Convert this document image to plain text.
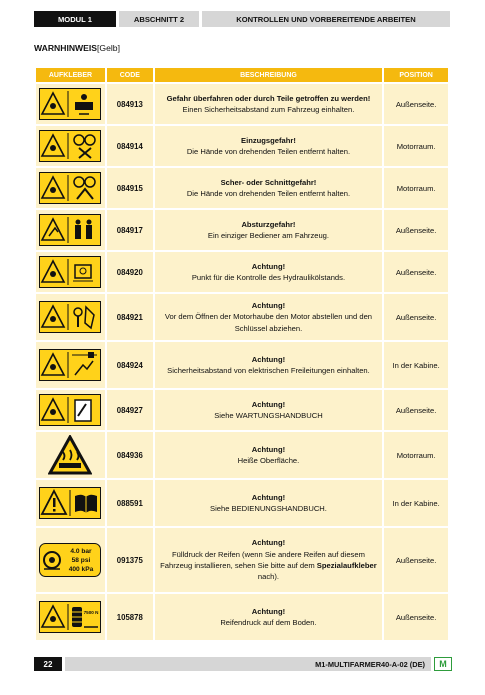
MODUL 1	ABSCHNITT 2	KONTROLLEN UND VORBEREITENDE ARBEITEN
WARNHINWEIS[Gelb]
AUFKLEBER	CODE	BESCHREIBUNG	POSITION

	084913	Gefahr überfahren oder durch Teile getroffen zu werden!
Einen Sicherheitsabstand zum Fahrzeug einhalten.	Außenseite.

	084914	Einzugsgefahr!
Die Hände von drehenden Teilen entfernt halten.	Motorraum.

	084915	Scher- oder Schnittgefahr!
Die Hände von drehenden Teilen entfernt halten.	Motorraum.

	084917	Absturzgefahr!
Ein einziger Bediener am Fahrzeug.	Außenseite.

	084920	Achtung!
Punkt für die Kontrolle des Hydraulikölstands.	Außenseite.

	084921	Achtung!
Vor dem Öffnen der Motorhaube den Motor abstellen und den Schlüssel abziehen.	Außenseite.

	084924	Achtung!
Sicherheitsabstand von elektrischen Freileitungen einhalten.	In der Kabine.

	084927	Achtung!
Siehe WARTUNGSHANDBUCH	Außenseite.

	084936	Achtung!
Heiße Oberfläche.	Motorraum.

	088591	Achtung!
Siehe BEDIENUNGSHANDBUCH.	In der Kabine.

4.0 bar
58 psi
400 kPa	091375	Achtung!
Fülldruck der Reifen (wenn Sie andere Reifen auf diesem Fahrzeug installieren, sehen Sie bitte auf dem Spezialaufkleber nach).	Außenseite.

7500 N	105878	Achtung!
Reifendruck auf dem Boden.	Außenseite.
22	M1-MULTIFARMER40-A-02 (DE)	M
